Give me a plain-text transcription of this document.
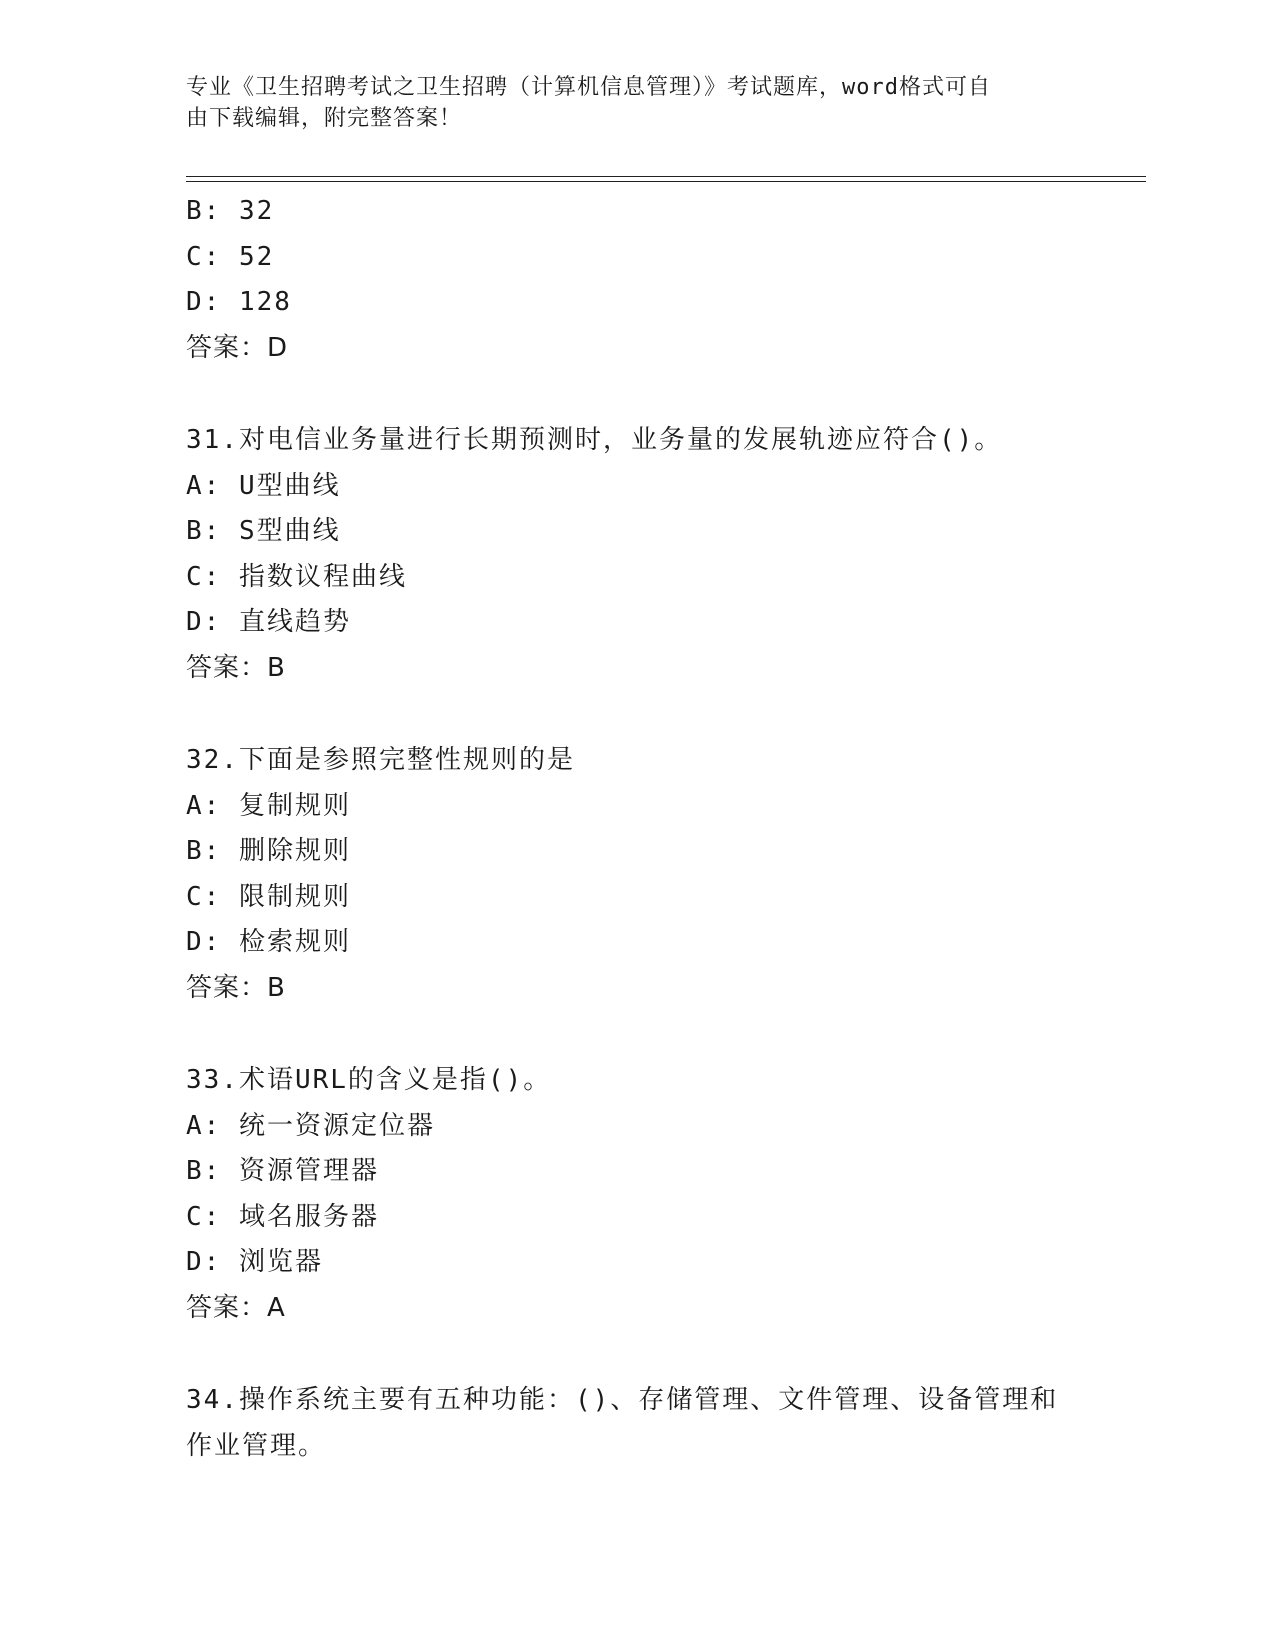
专业《卫生招聘考试之卫生招聘（计算机信息管理）》考试题库，word格式可自
由下载编辑，附完整答案！
B: 32
C: 52
D: 128
答案：D
31.对电信业务量进行长期预测时，业务量的发展轨迹应符合()。
A: U型曲线
B: S型曲线
C: 指数议程曲线
D: 直线趋势
答案：B
32.下面是参照完整性规则的是
A: 复制规则
B: 删除规则
C: 限制规则
D: 检索规则
答案：B
33.术语URL的含义是指()。
A: 统一资源定位器
B: 资源管理器
C: 域名服务器
D: 浏览器
答案：A
34.操作系统主要有五种功能：()、存储管理、文件管理、设备管理和
作业管理。
